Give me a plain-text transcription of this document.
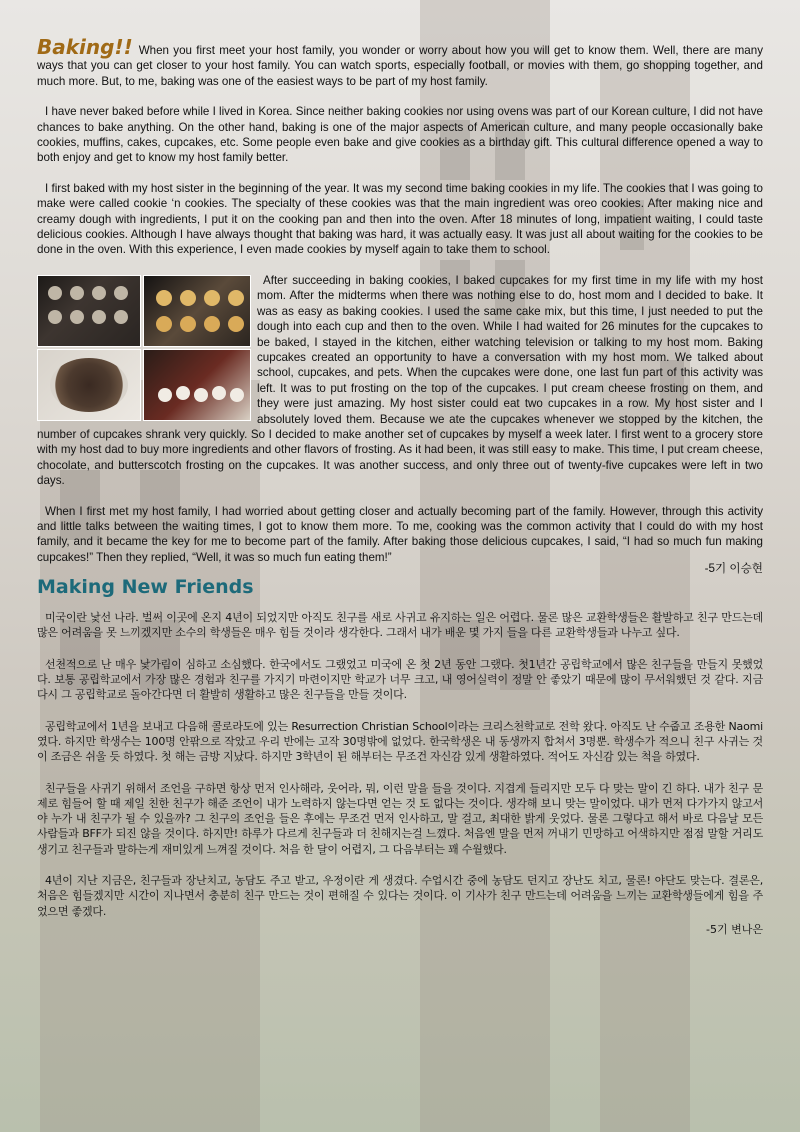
Baking!! When you first meet your host family, you wonder or worry about how you will get to know them. Well, there are many ways that you can get closer to your host family. You can watch sports, especially football, or movies with them, go shopping together, and much more. But, to me, baking was one of the easiest ways to be part of my host family.

I have never baked before while I lived in Korea. Since neither baking cookies nor using ovens was part of our Korean culture, I did not have chances to bake anything. On the other hand, baking is one of the major aspects of American culture, and many people occasionally bake cookies, muffins, cakes, cupcakes, etc. Some people even bake and give cookies as a birthday gift. This cultural difference opened a way to both enjoy and get to know my host family better.

I first baked with my host sister in the beginning of the year. It was my second time baking cookies in my life. The cookies that I was going to make were called cookie ‘n cookies. The specialty of these cookies was that the main ingredient was oreo cookies. After making nice and creamy dough with ingredients, I put it on the cooking pan and then into the oven. After 18 minutes of long, impatient waiting, I could taste delicious cookies. Although I have always thought that baking was hard, it was actually easy. It was just all about waiting for the cookies to be done in the oven. With this experience, I even made cookies by myself again to take them to school.

After succeeding in baking cookies, I baked cupcakes for my first time in my life with my host mom. After the midterms when there was nothing else to do, host mom and I decided to bake. It was as easy as baking cookies. I used the same cake mix, but this time, I just needed to put the dough into each cup and then to the oven. While I had waited for 26 minutes for the cupcakes to be baked, I stayed in the kitchen, either watching television or talking to my host mom. Baking cupcakes created an opportunity to have a conversation with my host mom. We talked about school, cupcakes, and pets. When the cupcakes were done, one last fun part of this activity was left. It was to put frosting on the top of the cupcakes. I put cream cheese frosting on them, and they were just amazing. My host sister could eat two cupcakes in a row. My host sister and I absolutely loved them. Because we ate the cupcakes whenever we stopped by the kitchen, the number of cupcakes shrank very quickly. So I decided to make another set of cupcakes by myself a week later. I first went to a grocery store with my host dad to buy more ingredients and other flavors of frosting. As it had been, it was still easy to make. This time, I put cream cheese, chocolate, and butterscotch frosting on the cupcakes. It was another success, and only three out of twenty-five cupcakes were left in two days.

When I first met my host family, I had worried about getting closer and actually becoming part of the family. However, through this activity and little talks between the waiting times, I got to know them more. To me, cooking was the common activity that I could do with my host family, and it became the key for me to become part of the family. After baking those delicious cupcakes, I said, “I had so much fun making cupcakes!” Then they replied, “Well, it was so much fun eating them!”

-5기 이승현

Making New Friends

미국이란 낯선 나라. 벌써 이곳에 온지 4년이 되었지만 아직도 친구를 새로 사귀고 유지하는 일은 어렵다. 물론 많은 교환학생들은 활발하고 친구 만드는데 많은 어려움을 못 느끼겠지만 소수의 학생들은 매우 힘들 것이라 생각한다. 그래서 내가 배운 몇 가지 들을 다른 교환학생들과 나누고 싶다.

선천적으로 난 매우 낯가림이 심하고 소심했다. 한국에서도 그랬었고 미국에 온 첫 2년 동안 그랬다. 첫1년간 공립학교에서 많은 친구들을 만들지 못했었다. 보통 공립학교에서 가장 많은 경험과 친구를 가지기 마련이지만 학교가 너무 크고, 내 영어실력이 정말 안 좋았기 때문에 많이 무서워했던 것 같다. 지금 다시 그 공립학교로 돌아간다면 더 활발히 생활하고 많은 친구들을 만들 것이다.

공립학교에서 1년을 보내고 다음해 콜로라도에 있는 Resurrection Christian School이라는 크리스천학교로 전학 왔다. 아직도 난 수줍고 조용한 Naomi였다. 하지만 학생수는 100명 안팎으로 작았고 우리 반에는 고작 30명밖에 없었다. 한국학생은 내 동생까지 합쳐서 3명뿐. 학생수가 적으니 친구 사귀는 것이 조금은 쉬울 듯 하였다. 첫 해는 금방 지났다. 하지만 3학년이 된 해부터는 무조건 자신감 있게 생활하였다. 적어도 자신감 있는 척을 하였다.

친구들을 사귀기 위해서 조언을 구하면 항상 먼저 인사해라, 웃어라, 뭐, 이런 말을 들을 것이다. 지겹게 들리지만 모두 다 맞는 말이 긴 하다. 내가 친구 문제로 힘들어 할 때 제일 친한 친구가 해준 조언이 내가 노력하지 않는다면 얻는 것 도 없다는 것이다. 생각해 보니 맞는 말이었다. 내가 먼저 다가가지 않고서야 누가 내 친구가 될 수 있을까? 그 친구의 조언을 들은 후에는 무조건 먼저 인사하고, 말 걸고, 최대한 밝게 웃었다. 물론 그렇다고 해서 바로 다음날 모든 사람들과 BFF가 되진 않을 것이다. 하지만! 하루가 다르게 친구들과 더 친해지는걸 느꼈다. 처음엔 말을 먼저 꺼내기 민망하고 어색하지만 점점 말할 거리도 생기고 친구들과 말하는게 재미있게 느껴질 것이다. 처음 한 달이 어렵지, 그 다음부터는 꽤 수월했다.

4년이 지난 지금은, 친구들과 장난치고, 농담도 주고 받고, 우정이란 게 생겼다. 수업시간 중에 농담도 던지고 장난도 치고, 물론! 야단도 맞는다. 결론은, 처음은 힘들겠지만 시간이 지나면서 충분히 친구 만드는 것이 편해질 수 있다는 것이다. 이 기사가 친구 만드는데 어려움을 느끼는 교환학생들에게 힘을 주었으면 좋겠다.

-5기 변나은
